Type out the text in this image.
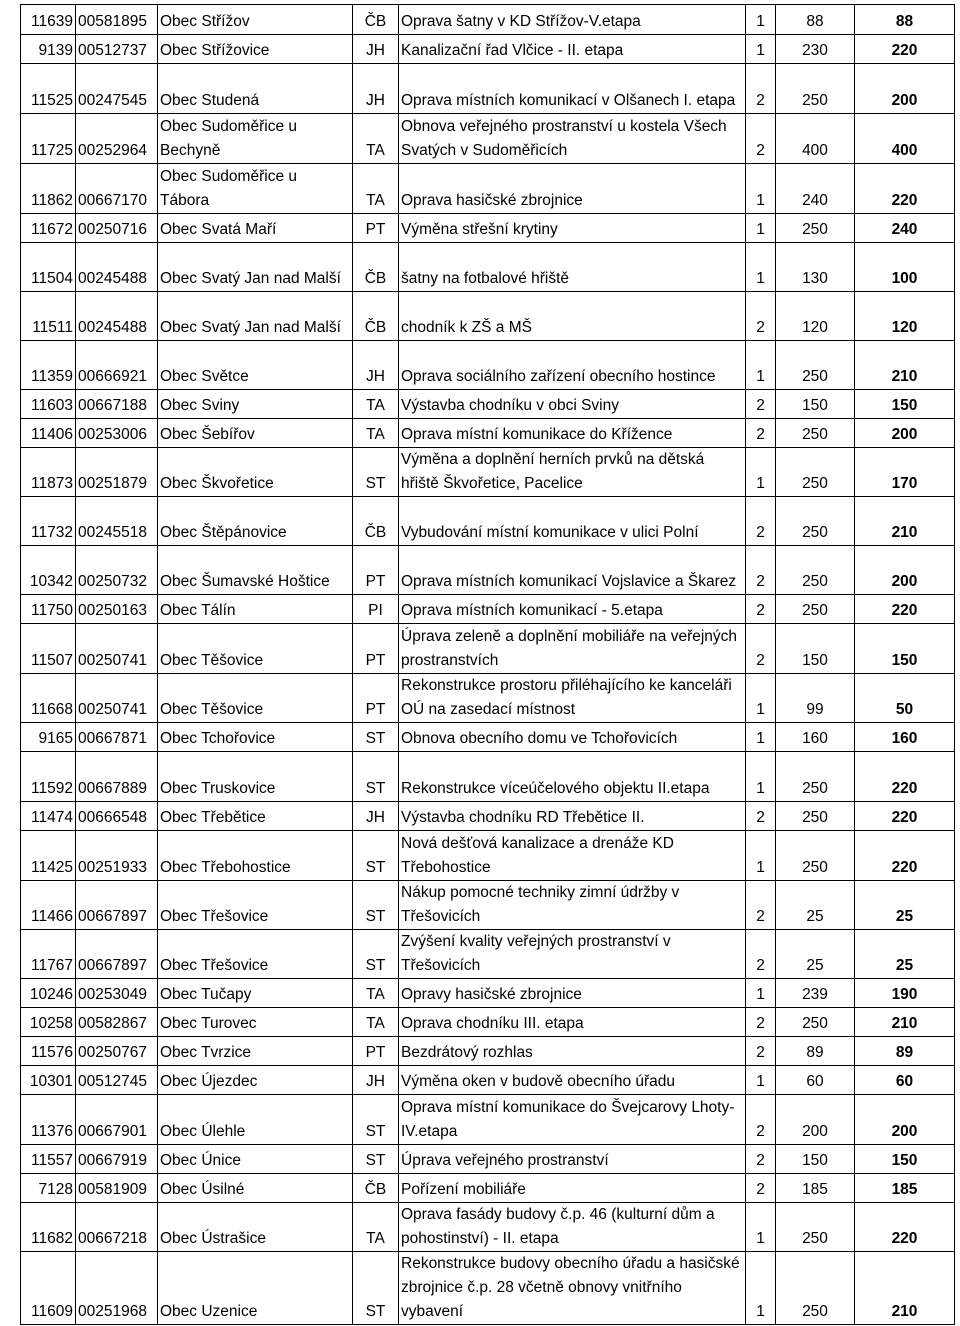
11639	00581895	Obec Střížov	ČB	Oprava šatny v KD Střížov-V.etapa	1	88	88
9139	00512737	Obec Střížovice	JH	Kanalizační řad Vlčice - II. etapa	1	230	220
11525	00247545	Obec Studená	JH	Oprava místních komunikací v Olšanech I. etapa	2	250	200
11725	00252964	Obec Sudoměřice u Bechyně	TA	Obnova veřejného prostranství u kostela Všech Svatých v Sudoměřicích	2	400	400
11862	00667170	Obec Sudoměřice u Tábora	TA	Oprava hasičské zbrojnice	1	240	220
11672	00250716	Obec Svatá Maří	PT	Výměna střešní krytiny	1	250	240
11504	00245488	Obec Svatý Jan nad Malší	ČB	šatny na fotbalové hřiště	1	130	100
11511	00245488	Obec Svatý Jan nad Malší	ČB	chodník k ZŠ a MŠ	2	120	120
11359	00666921	Obec Světce	JH	Oprava sociálního zařízení obecního hostince	1	250	210
11603	00667188	Obec Sviny	TA	Výstavba chodníku v obci Sviny	2	150	150
11406	00253006	Obec Šebířov	TA	Oprava místní komunikace do Křížence	2	250	200
11873	00251879	Obec Škvořetice	ST	Výměna a doplnění herních prvků na dětská hřiště Škvořetice, Pacelice	1	250	170
11732	00245518	Obec Štěpánovice	ČB	Vybudování místní komunikace v ulici Polní	2	250	210
10342	00250732	Obec Šumavské Hoštice	PT	Oprava místních komunikací Vojslavice a Škarez	2	250	200
11750	00250163	Obec Tálín	PI	Oprava místních komunikací - 5.etapa	2	250	220
11507	00250741	Obec Těšovice	PT	Úprava zeleně a doplnění mobiliáře na veřejných prostranstvích	2	150	150
11668	00250741	Obec Těšovice	PT	Rekonstrukce prostoru přiléhajícího ke kanceláři OÚ na zasedací místnost	1	99	50
9165	00667871	Obec Tchořovice	ST	Obnova obecního domu ve Tchořovicích	1	160	160
11592	00667889	Obec Truskovice	ST	Rekonstrukce víceúčelového objektu II.etapa	1	250	220
11474	00666548	Obec Třebětice	JH	Výstavba chodníku RD Třebětice II.	2	250	220
11425	00251933	Obec Třebohostice	ST	Nová dešťová kanalizace a drenáže KD Třebohostice	1	250	220
11466	00667897	Obec Třešovice	ST	Nákup pomocné techniky zimní údržby v Třešovicích	2	25	25
11767	00667897	Obec Třešovice	ST	Zvýšení kvality veřejných prostranství v Třešovicích	2	25	25
10246	00253049	Obec Tučapy	TA	Opravy hasičské zbrojnice	1	239	190
10258	00582867	Obec Turovec	TA	Oprava chodníku III. etapa	2	250	210
11576	00250767	Obec Tvrzice	PT	Bezdrátový rozhlas	2	89	89
10301	00512745	Obec Újezdec	JH	Výměna oken v budově obecního úřadu	1	60	60
11376	00667901	Obec Úlehle	ST	Oprava místní komunikace do Švejcarovy Lhoty-IV.etapa	2	200	200
11557	00667919	Obec Únice	ST	Úprava veřejného prostranství	2	150	150
7128	00581909	Obec Úsilné	ČB	Pořízení mobiliáře	2	185	185
11682	00667218	Obec Ústrašice	TA	Oprava fasády budovy č.p. 46 (kulturní dům a pohostinství) - II. etapa	1	250	220
11609	00251968	Obec Uzenice	ST	Rekonstrukce budovy obecního úřadu a hasičské zbrojnice č.p. 28 včetně obnovy vnitřního vybavení	1	250	210
